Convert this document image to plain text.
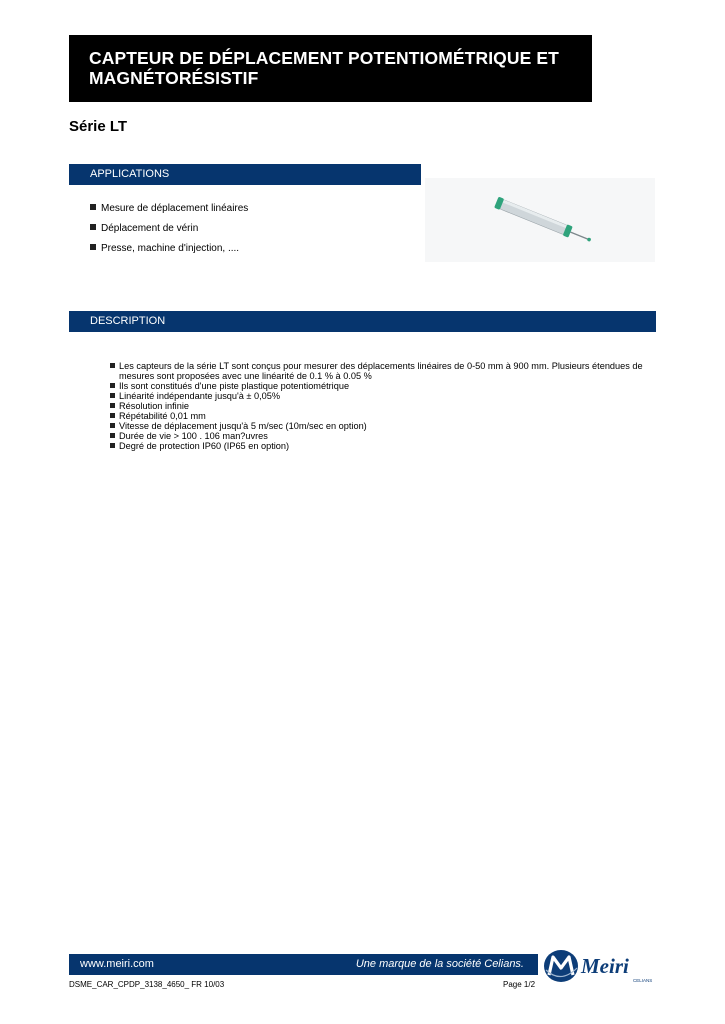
CAPTEUR DE DÉPLACEMENT POTENTIOMÉTRIQUE ET
MAGNÉTORÉSISTIF
Série LT
APPLICATIONS
Mesure de déplacement linéaires
Déplacement de vérin
Presse, machine d'injection, ....
DESCRIPTION
Les capteurs de la série LT sont conçus pour mesurer des déplacements linéaires de 0-50 mm à 900 mm. Plusieurs étendues de mesures sont proposées avec une linéarité de 0.1 % à 0.05 %
Ils sont constitués d'une piste plastique potentiométrique
Linéarité indépendante jusqu'à ± 0,05%
Résolution infinie
Répétabilité 0,01 mm
Vitesse de déplacement jusqu'à 5 m/sec (10m/sec en option)
Durée de vie > 100 . 106 man?uvres
Degré de protection IP60 (IP65 en option)
www.meiri.com	Une marque de la société Celians.	Meiri
CELIANS
DSME_CAR_CPDP_3138_4650_ FR 10/03	Page 1/2
